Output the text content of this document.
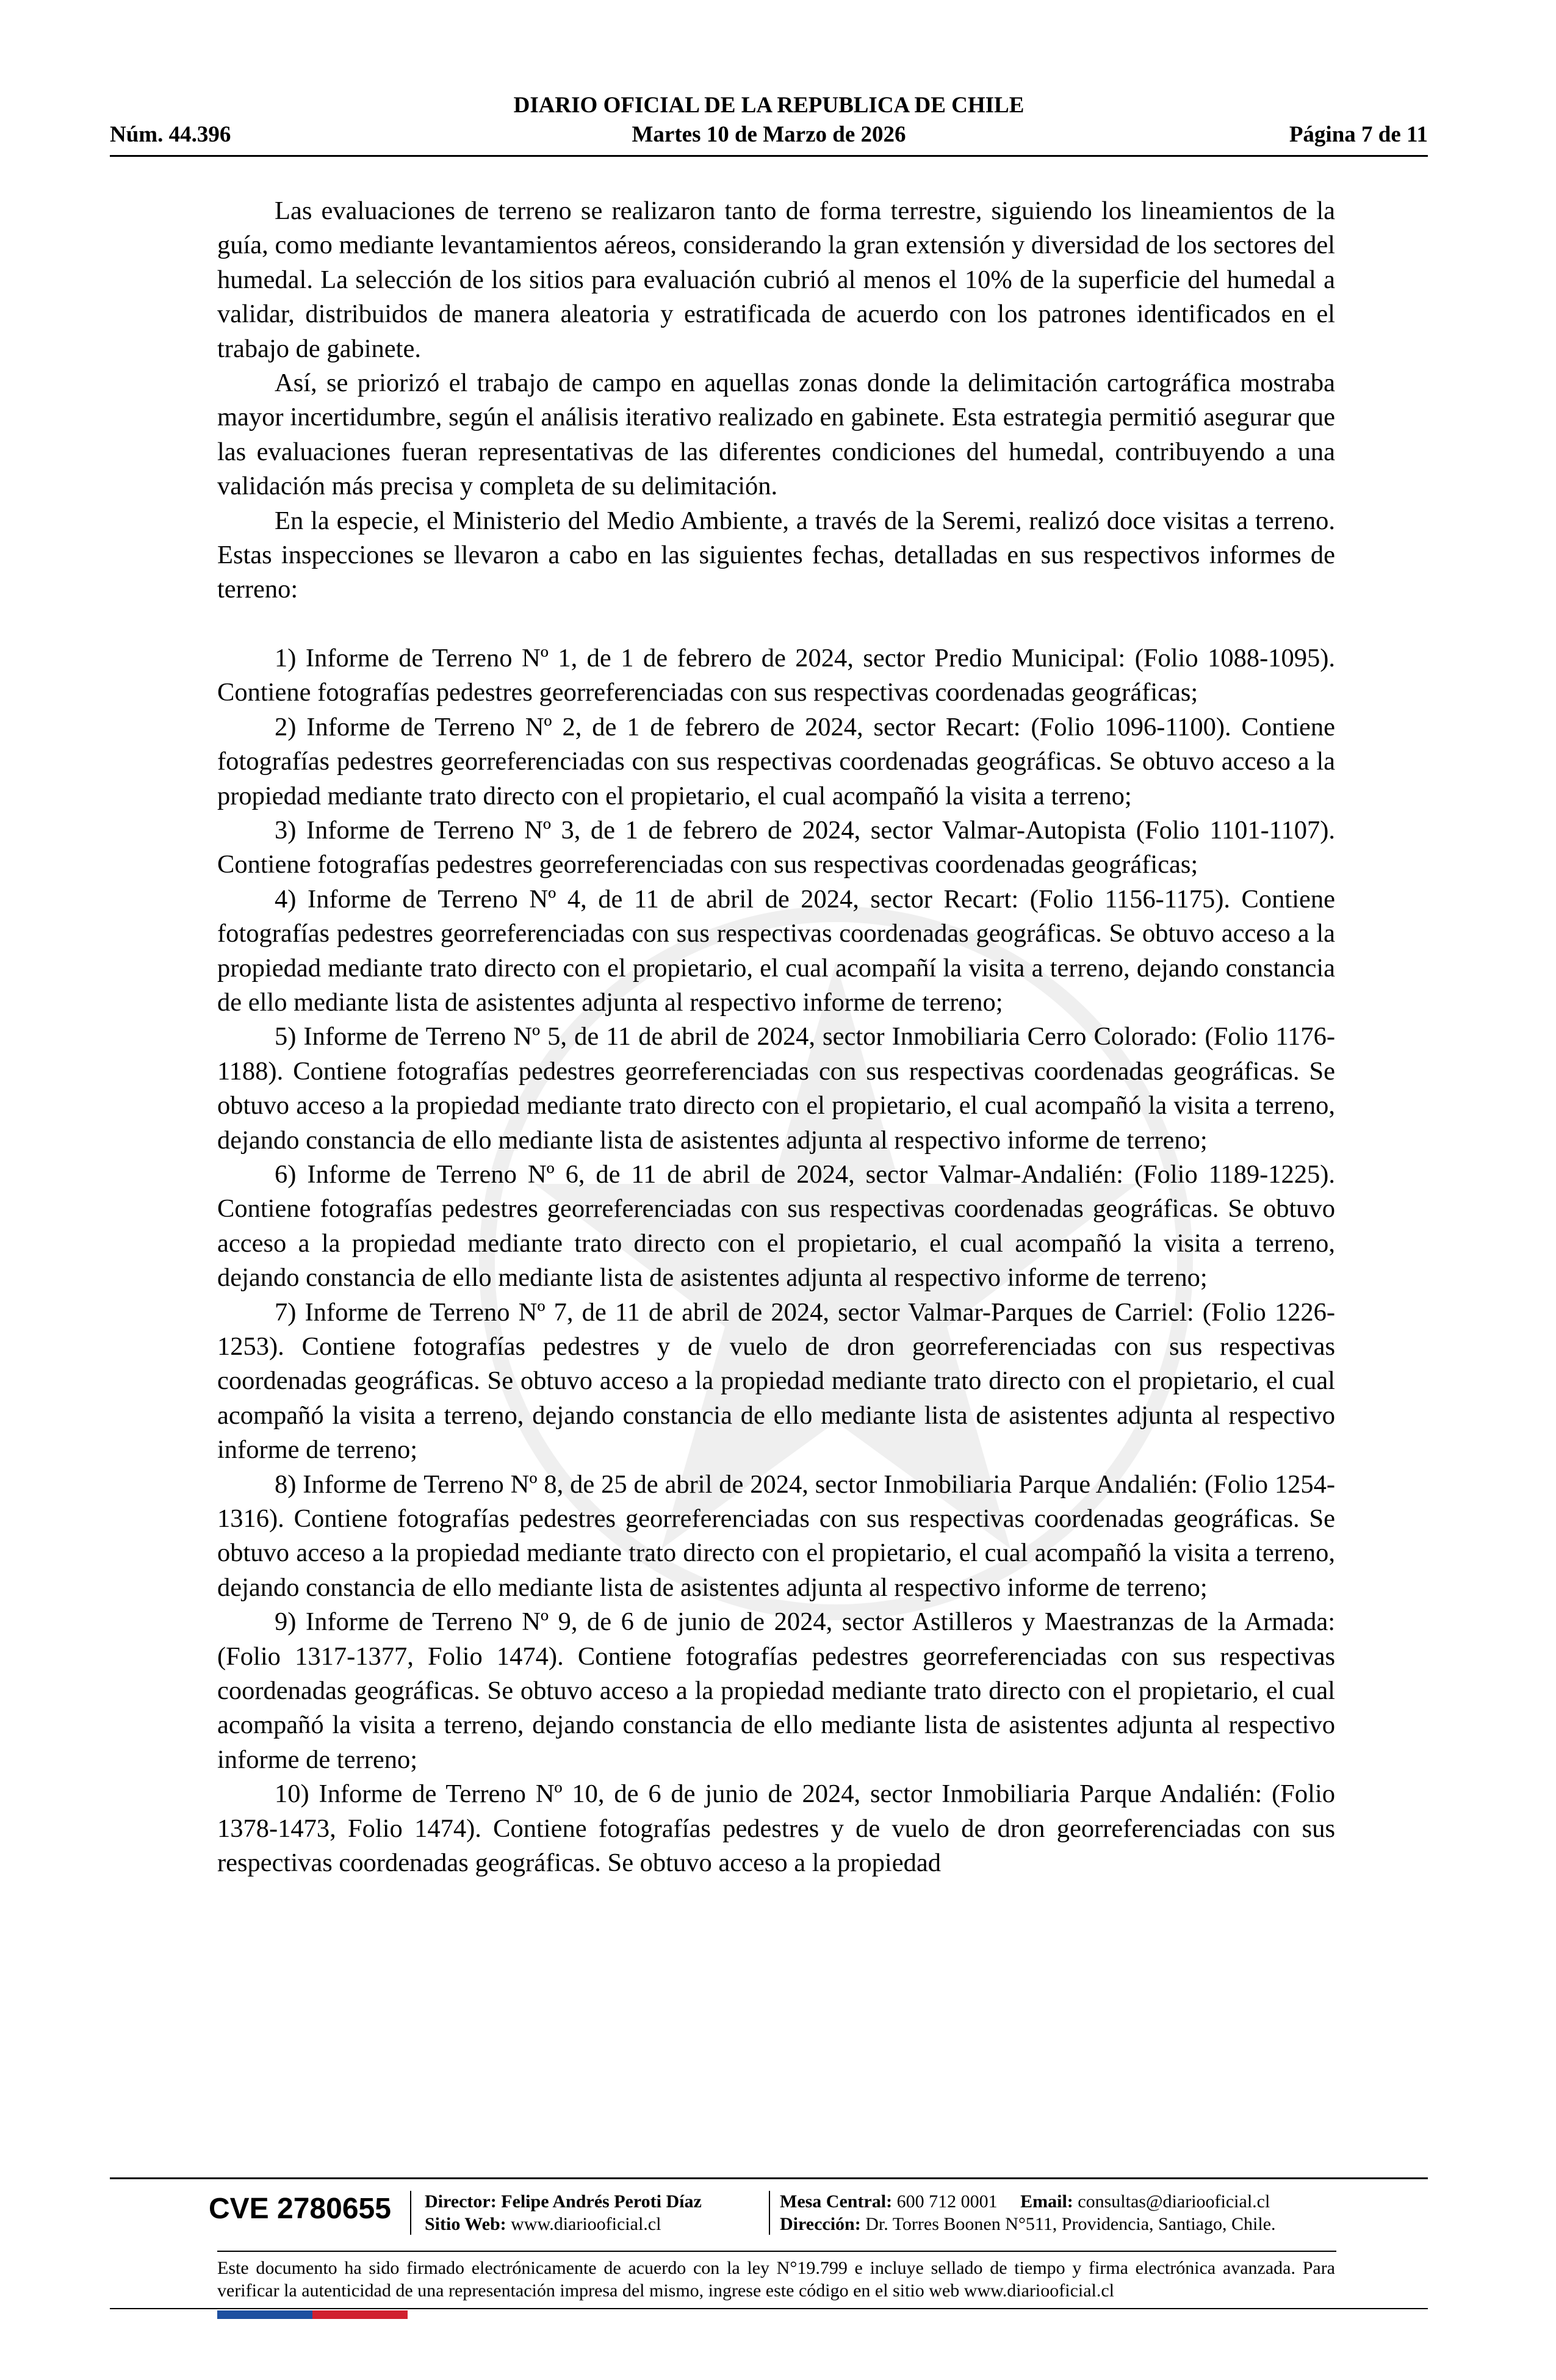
DIARIO OFICIAL DE LA REPUBLICA DE CHILE
Núm. 44.396	Martes 10 de Marzo de 2026	Página 7 de 11

Las evaluaciones de terreno se realizaron tanto de forma terrestre, siguiendo los lineamientos de la guía, como mediante levantamientos aéreos, considerando la gran extensión y diversidad de los sectores del humedal. La selección de los sitios para evaluación cubrió al menos el 10% de la superficie del humedal a validar, distribuidos de manera aleatoria y estratificada de acuerdo con los patrones identificados en el trabajo de gabinete.

Así, se priorizó el trabajo de campo en aquellas zonas donde la delimitación cartográfica mostraba mayor incertidumbre, según el análisis iterativo realizado en gabinete. Esta estrategia permitió asegurar que las evaluaciones fueran representativas de las diferentes condiciones del humedal, contribuyendo a una validación más precisa y completa de su delimitación.

En la especie, el Ministerio del Medio Ambiente, a través de la Seremi, realizó doce visitas a terreno. Estas inspecciones se llevaron a cabo en las siguientes fechas, detalladas en sus respectivos informes de terreno:

1) Informe de Terreno Nº 1, de 1 de febrero de 2024, sector Predio Municipal: (Folio 1088-1095). Contiene fotografías pedestres georreferenciadas con sus respectivas coordenadas geográficas;

2) Informe de Terreno Nº 2, de 1 de febrero de 2024, sector Recart: (Folio 1096-1100). Contiene fotografías pedestres georreferenciadas con sus respectivas coordenadas geográficas. Se obtuvo acceso a la propiedad mediante trato directo con el propietario, el cual acompañó la visita a terreno;

3) Informe de Terreno Nº 3, de 1 de febrero de 2024, sector Valmar-Autopista (Folio 1101-1107). Contiene fotografías pedestres georreferenciadas con sus respectivas coordenadas geográficas;

4) Informe de Terreno Nº 4, de 11 de abril de 2024, sector Recart: (Folio 1156-1175). Contiene fotografías pedestres georreferenciadas con sus respectivas coordenadas geográficas. Se obtuvo acceso a la propiedad mediante trato directo con el propietario, el cual acompañí la visita a terreno, dejando constancia de ello mediante lista de asistentes adjunta al respectivo informe de terreno;

5) Informe de Terreno Nº 5, de 11 de abril de 2024, sector Inmobiliaria Cerro Colorado: (Folio 1176-1188). Contiene fotografías pedestres georreferenciadas con sus respectivas coordenadas geográficas. Se obtuvo acceso a la propiedad mediante trato directo con el propietario, el cual acompañó la visita a terreno, dejando constancia de ello mediante lista de asistentes adjunta al respectivo informe de terreno;

6) Informe de Terreno Nº 6, de 11 de abril de 2024, sector Valmar-Andalién: (Folio 1189-1225). Contiene fotografías pedestres georreferenciadas con sus respectivas coordenadas geográficas. Se obtuvo acceso a la propiedad mediante trato directo con el propietario, el cual acompañó la visita a terreno, dejando constancia de ello mediante lista de asistentes adjunta al respectivo informe de terreno;

7) Informe de Terreno Nº 7, de 11 de abril de 2024, sector Valmar-Parques de Carriel: (Folio 1226-1253). Contiene fotografías pedestres y de vuelo de dron georreferenciadas con sus respectivas coordenadas geográficas. Se obtuvo acceso a la propiedad mediante trato directo con el propietario, el cual acompañó la visita a terreno, dejando constancia de ello mediante lista de asistentes adjunta al respectivo informe de terreno;

8) Informe de Terreno Nº 8, de 25 de abril de 2024, sector Inmobiliaria Parque Andalién: (Folio 1254-1316). Contiene fotografías pedestres georreferenciadas con sus respectivas coordenadas geográficas. Se obtuvo acceso a la propiedad mediante trato directo con el propietario, el cual acompañó la visita a terreno, dejando constancia de ello mediante lista de asistentes adjunta al respectivo informe de terreno;

9) Informe de Terreno Nº 9, de 6 de junio de 2024, sector Astilleros y Maestranzas de la Armada: (Folio 1317-1377, Folio 1474). Contiene fotografías pedestres georreferenciadas con sus respectivas coordenadas geográficas. Se obtuvo acceso a la propiedad mediante trato directo con el propietario, el cual acompañó la visita a terreno, dejando constancia de ello mediante lista de asistentes adjunta al respectivo informe de terreno;

10) Informe de Terreno Nº 10, de 6 de junio de 2024, sector Inmobiliaria Parque Andalién: (Folio 1378-1473, Folio 1474). Contiene fotografías pedestres y de vuelo de dron georreferenciadas con sus respectivas coordenadas geográficas. Se obtuvo acceso a la propiedad

CVE 2780655 Director: Felipe Andrés Peroti Díaz
Sitio Web: www.diariooficial.cl
Mesa Central: 600 712 0001 Email: consultas@diariooficial.cl
Dirección: Dr. Torres Boonen N°511, Providencia, Santiago, Chile.
Este documento ha sido firmado electrónicamente de acuerdo con la ley N°19.799 e incluye sellado de tiempo y firma electrónica avanzada. Para verificar la autenticidad de una representación impresa del mismo, ingrese este código en el sitio web www.diariooficial.cl
